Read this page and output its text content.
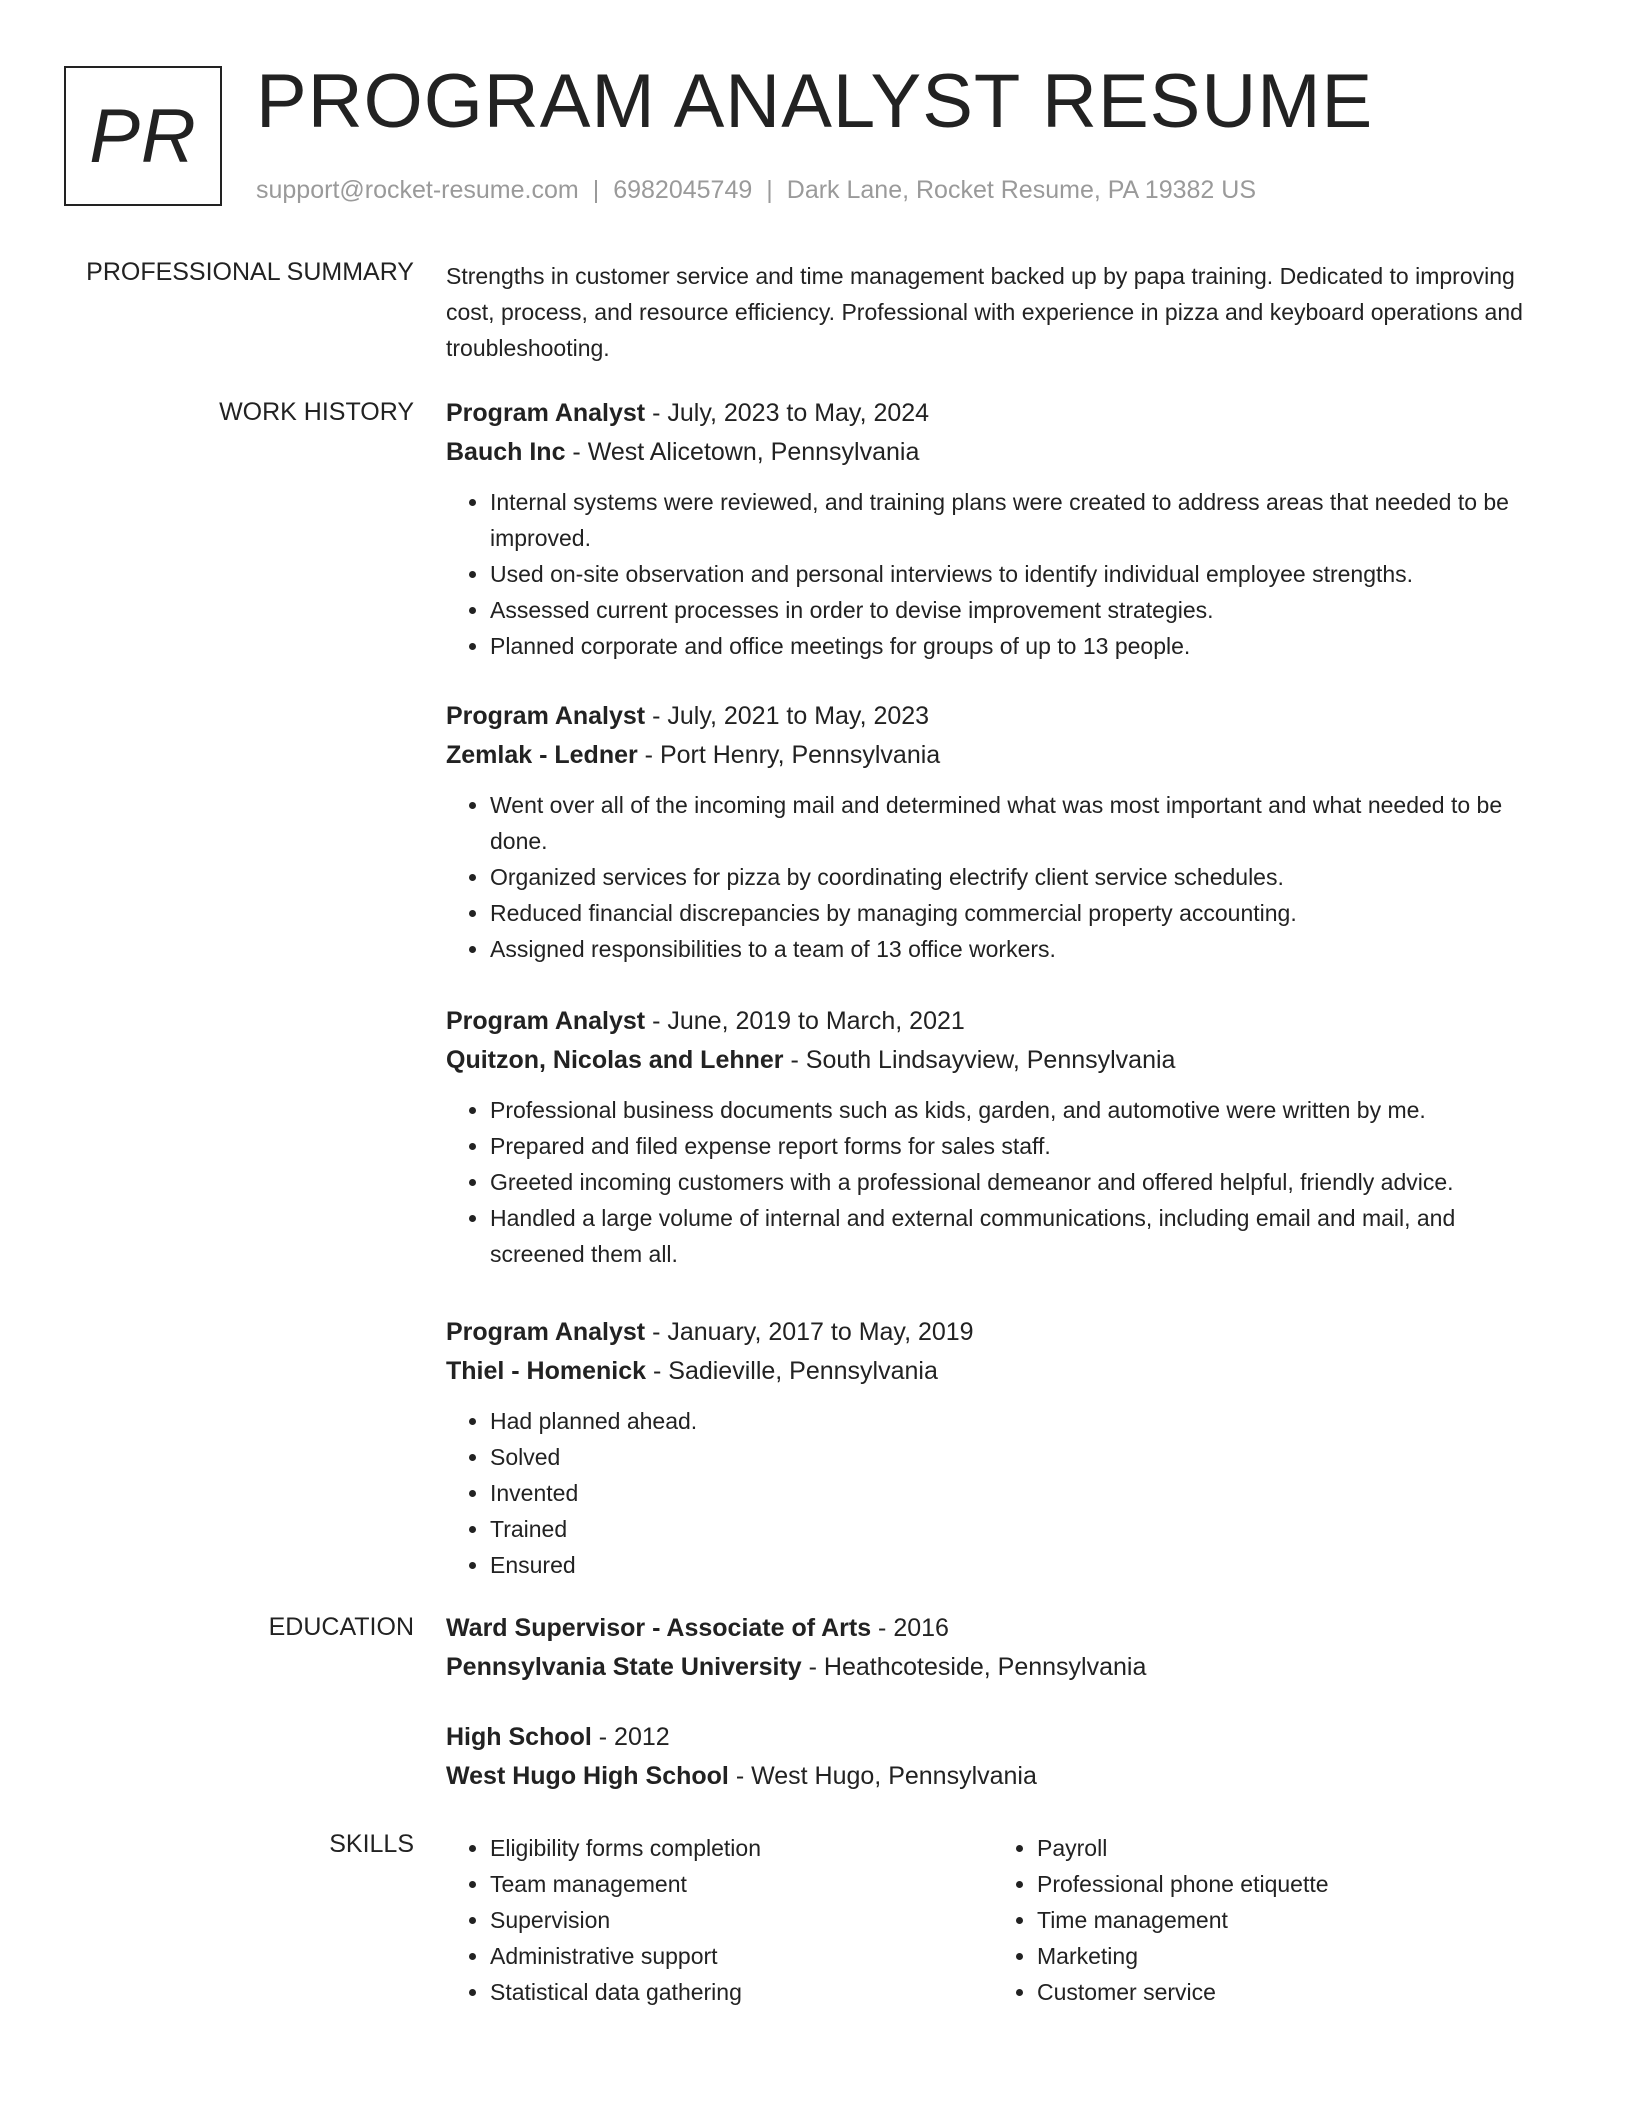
PR PROGRAM ANALYST RESUME
support@rocket-resume.com | 6982045749 | Dark Lane, Rocket Resume, PA 19382 US
PROFESSIONAL SUMMARY Strengths in customer service and time management backed up by papa training. Dedicated to improving cost, process, and resource efficiency. Professional with experience in pizza and keyboard operations and troubleshooting.

WORK HISTORY Program Analyst - July, 2023 to May, 2024
Bauch Inc - West Alicetown, Pennsylvania
• Internal systems were reviewed, and training plans were created to address areas that needed to be improved.
• Used on-site observation and personal interviews to identify individual employee strengths.
• Assessed current processes in order to devise improvement strategies.
• Planned corporate and office meetings for groups of up to 13 people.
Program Analyst - July, 2021 to May, 2023
Zemlak - Ledner - Port Henry, Pennsylvania
• Went over all of the incoming mail and determined what was most important and what needed to be done.
• Organized services for pizza by coordinating electrify client service schedules.
• Reduced financial discrepancies by managing commercial property accounting.
• Assigned responsibilities to a team of 13 office workers.
Program Analyst - June, 2019 to March, 2021
Quitzon, Nicolas and Lehner - South Lindsayview, Pennsylvania
• Professional business documents such as kids, garden, and automotive were written by me.
• Prepared and filed expense report forms for sales staff.
• Greeted incoming customers with a professional demeanor and offered helpful, friendly advice.
• Handled a large volume of internal and external communications, including email and mail, and screened them all.
Program Analyst - January, 2017 to May, 2019
Thiel - Homenick - Sadieville, Pennsylvania
• Had planned ahead.
• Solved
• Invented
• Trained
• Ensured
EDUCATION Ward Supervisor - Associate of Arts - 2016
Pennsylvania State University - Heathcoteside, Pennsylvania
High School - 2012
West Hugo High School - West Hugo, Pennsylvania
SKILLS
•	Eligibility forms completion
• Team management
• Supervision
• Administrative support
• Statistical data gathering
• Payroll
• Professional phone etiquette
• Time management
• Marketing
• Customer service
